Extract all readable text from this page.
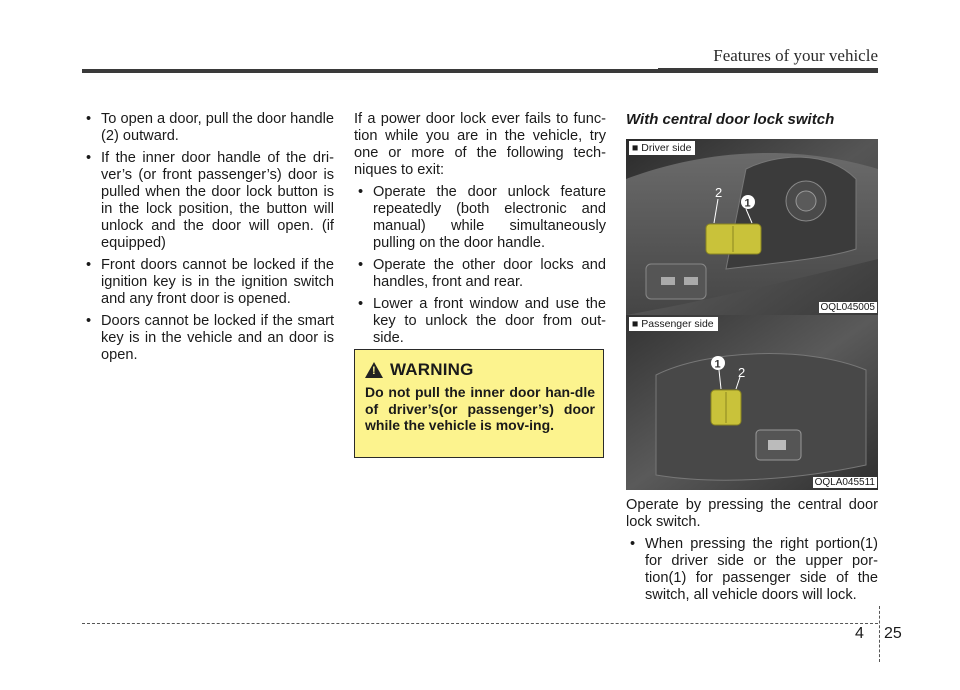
Features of your vehicle
• To open a door, pull the door handle (2) outward.
• If the inner door handle of the dri-ver’s (or front passenger’s) door is pulled when the door lock button is in the lock position, the button will unlock and the door will open. (if equipped)
• Front doors cannot be locked if the ignition key is in the ignition switch and any front door is opened.
• Doors cannot be locked if the smart key is in the vehicle and an door is open.
If a power door lock ever fails to func-tion while you are in the vehicle, try one or more of the following tech-niques to exit:
• Operate the door unlock feature repeatedly (both electronic and manual) while simultaneously pulling on the door handle.
• Operate the other door locks and handles, front and rear.
• Lower a front window and use the key to unlock the door from out-side.
! WARNING
Do not pull the inner door han-dle of driver’s(or passenger’s) door while the vehicle is mov-ing.
With central door lock switch
2
1
■ Driver side
OQL045005
1
2
■ Passenger side
OQLA045511
Operate by pressing the central door lock switch.
• When pressing the right portion(1) for driver side or the upper por-tion(1) for passenger side of the switch, all vehicle doors will lock.
4 25
